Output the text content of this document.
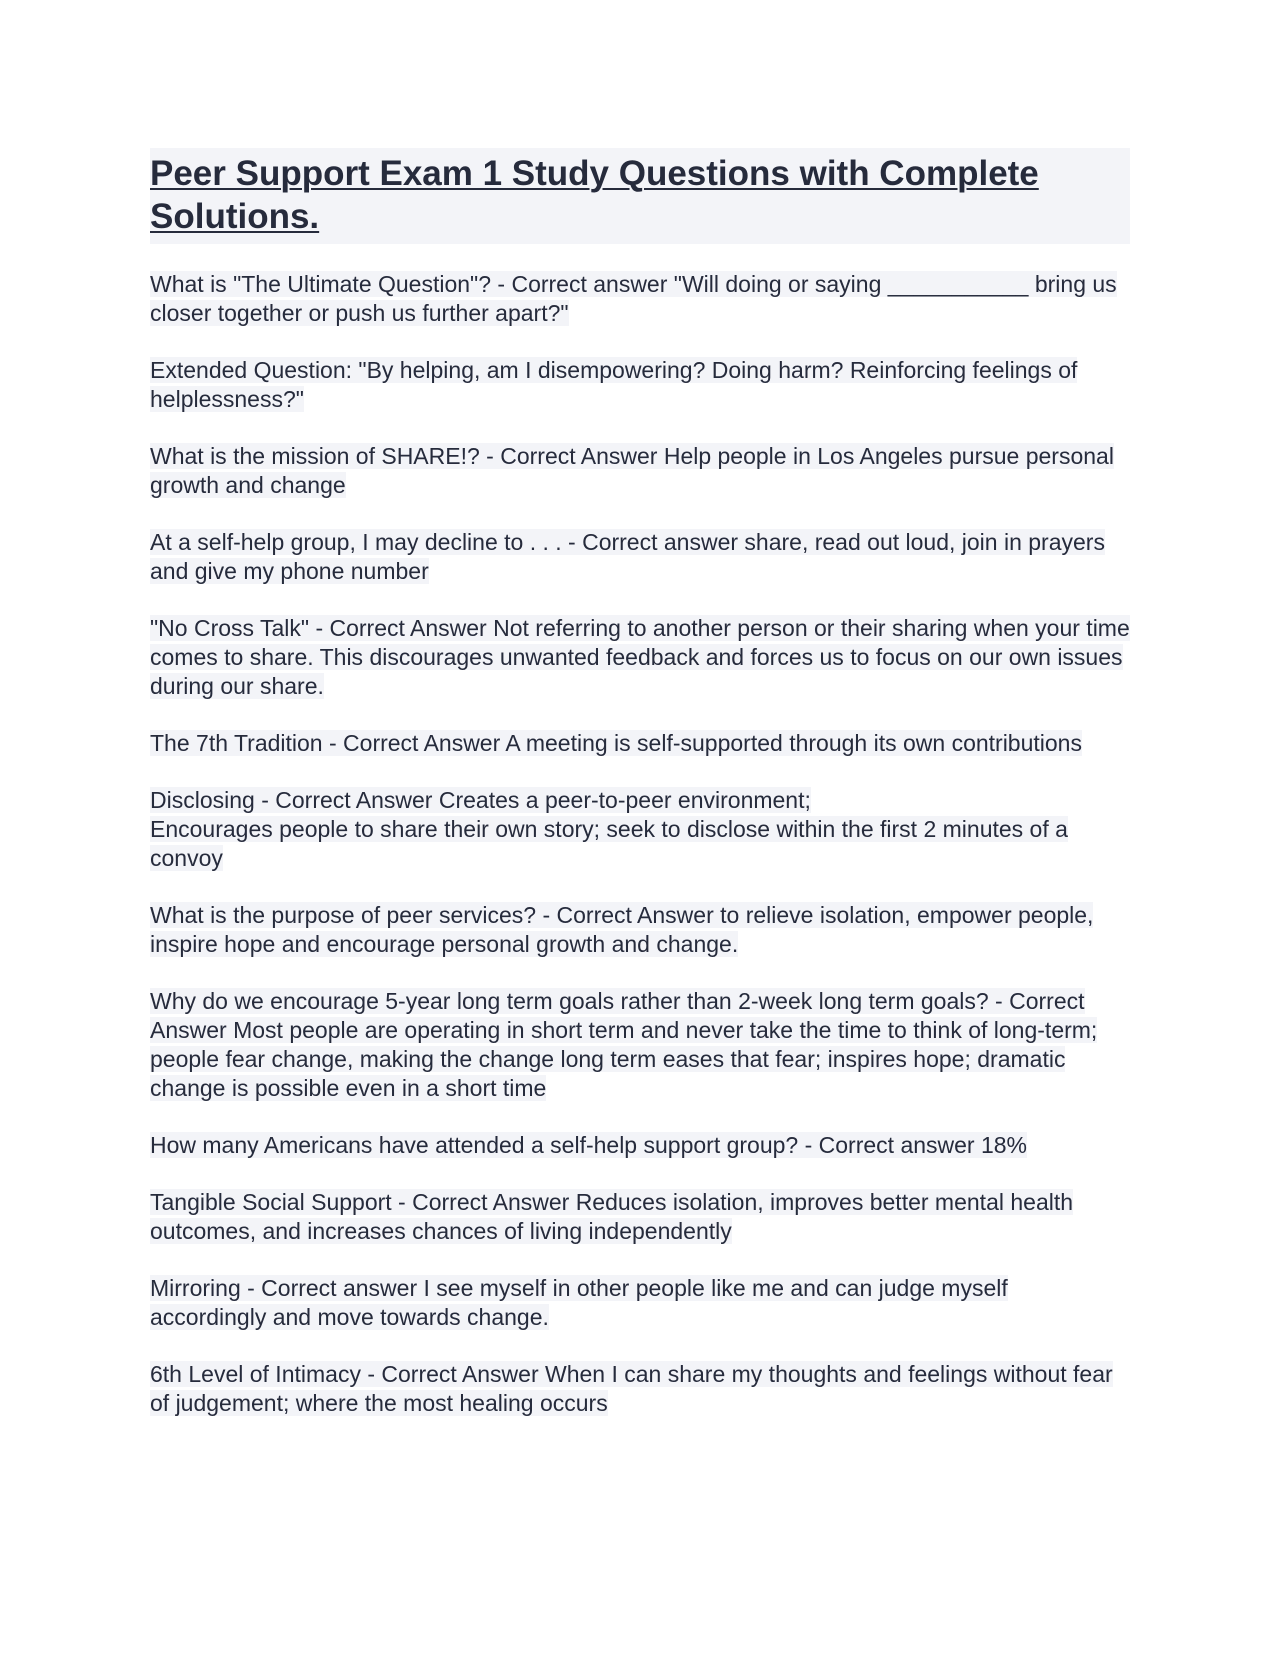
Peer Support Exam 1 Study Questions with Complete Solutions.

What is "The Ultimate Question"? - Correct answer "Will doing or saying ___________ bring us closer together or push us further apart?"

Extended Question: "By helping, am I disempowering? Doing harm? Reinforcing feelings of helplessness?"

What is the mission of SHARE!? - Correct Answer Help people in Los Angeles pursue personal growth and change

At a self-help group, I may decline to . . . - Correct answer share, read out loud, join in prayers and give my phone number

"No Cross Talk" - Correct Answer Not referring to another person or their sharing when your time comes to share. This discourages unwanted feedback and forces us to focus on our own issues during our share.

The 7th Tradition - Correct Answer A meeting is self-supported through its own contributions

Disclosing - Correct Answer Creates a peer-to-peer environment;
Encourages people to share their own story; seek to disclose within the first 2 minutes of a convoy

What is the purpose of peer services? - Correct Answer to relieve isolation, empower people, inspire hope and encourage personal growth and change.

Why do we encourage 5-year long term goals rather than 2-week long term goals? - Correct Answer Most people are operating in short term and never take the time to think of long-term; people fear change, making the change long term eases that fear; inspires hope; dramatic change is possible even in a short time

How many Americans have attended a self-help support group? - Correct answer 18%

Tangible Social Support - Correct Answer Reduces isolation, improves better mental health outcomes, and increases chances of living independently

Mirroring - Correct answer I see myself in other people like me and can judge myself accordingly and move towards change.

6th Level of Intimacy - Correct Answer When I can share my thoughts and feelings without fear of judgement; where the most healing occurs
